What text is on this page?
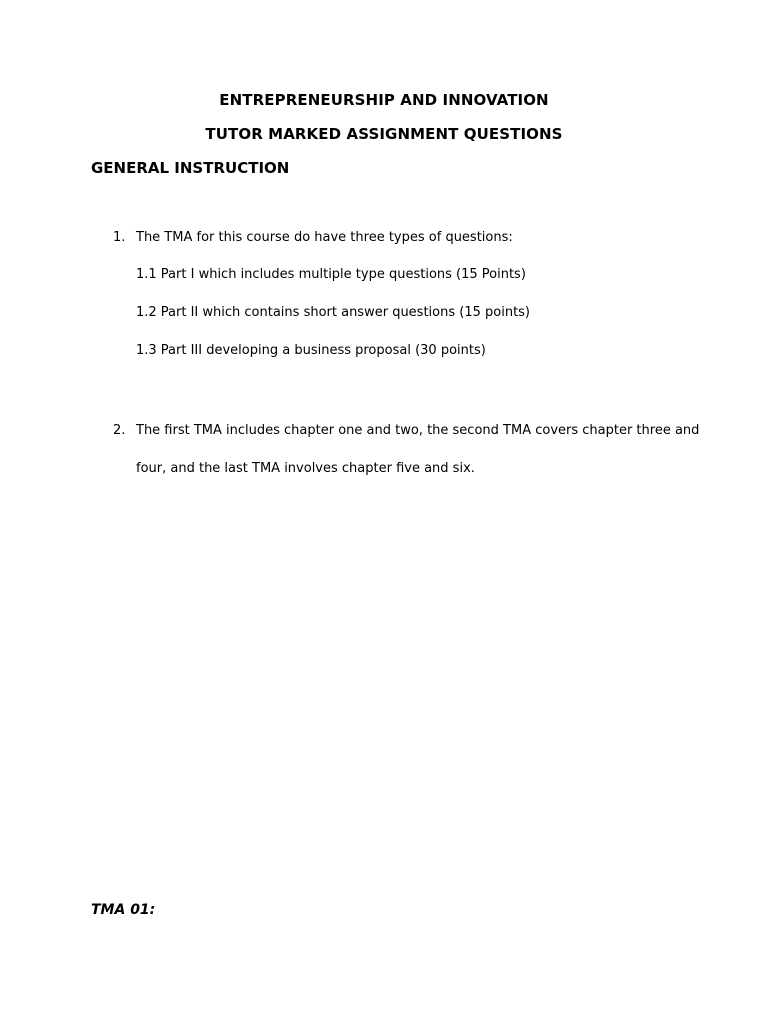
ENTREPRENEURSHIP AND INNOVATION
TUTOR MARKED ASSIGNMENT QUESTIONS
GENERAL INSTRUCTION
1. The TMA for this course do have three types of questions:
1.1 Part I which includes multiple type questions (15 Points)
1.2 Part II which contains short answer questions (15 points)
1.3 Part III developing a business proposal (30 points)
2. The first TMA includes chapter one and two, the second TMA covers chapter three and
four, and the last TMA involves chapter five and six.
TMA 01:
